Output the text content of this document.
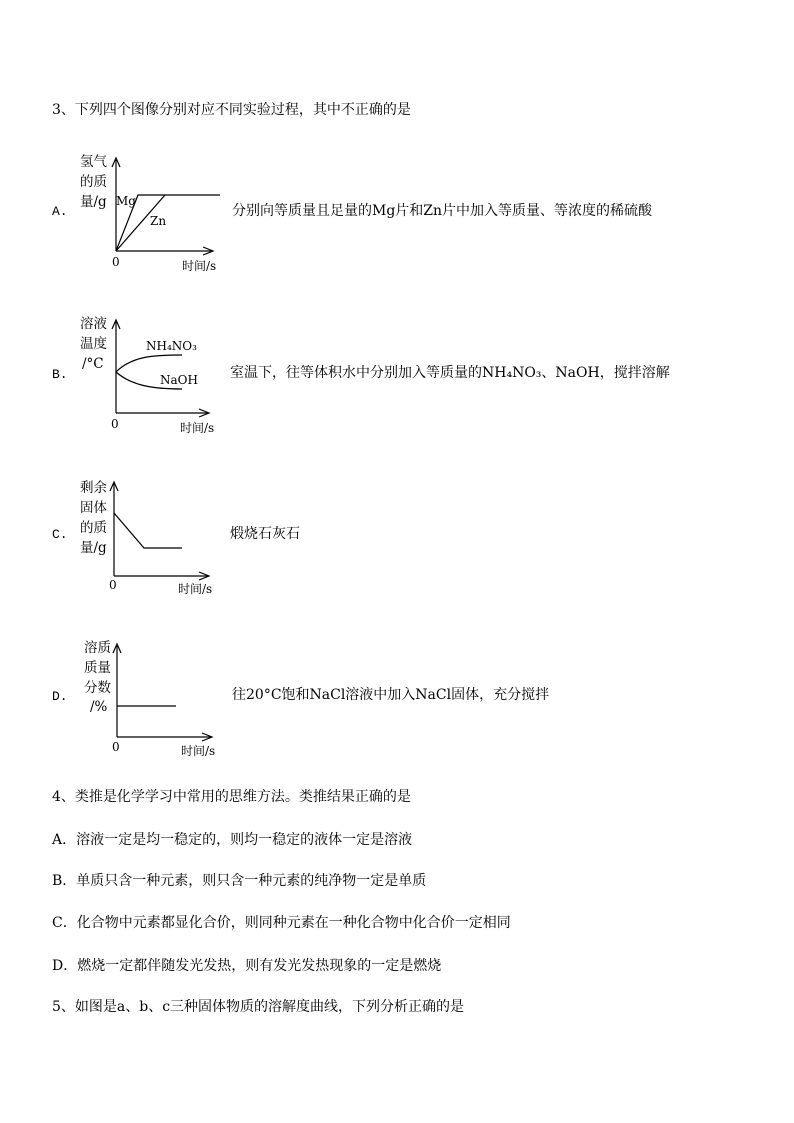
3、下列四个图像分别对应不同实验过程，其中不正确的是
A.
氢气
的质
量/g Mg
Zn
0	时间/s
分别向等质量且足量的Mg片和Zn片中加入等质量、等浓度的稀硫酸
B.
溶液
温度
/°C
NH₄NO₃
NaOH
0	时间/s
室温下，往等体积水中分别加入等质量的NH₄NO₃、NaOH，搅拌溶解
C.
剩余
固体
的质
量/g
0	时间/s
煅烧石灰石
D.
溶质
质量
分数
/%
0	时间/s
往20°C饱和NaCl溶液中加入NaCl固体，充分搅拌
4、类推是化学学习中常用的思维方法。类推结果正确的是
A．溶液一定是均一稳定的，则均一稳定的液体一定是溶液
B．单质只含一种元素，则只含一种元素的纯净物一定是单质
C．化合物中元素都显化合价，则同种元素在一种化合物中化合价一定相同
D．燃烧一定都伴随发光发热，则有发光发热现象的一定是燃烧
5、如图是a、b、c三种固体物质的溶解度曲线，下列分析正确的是
